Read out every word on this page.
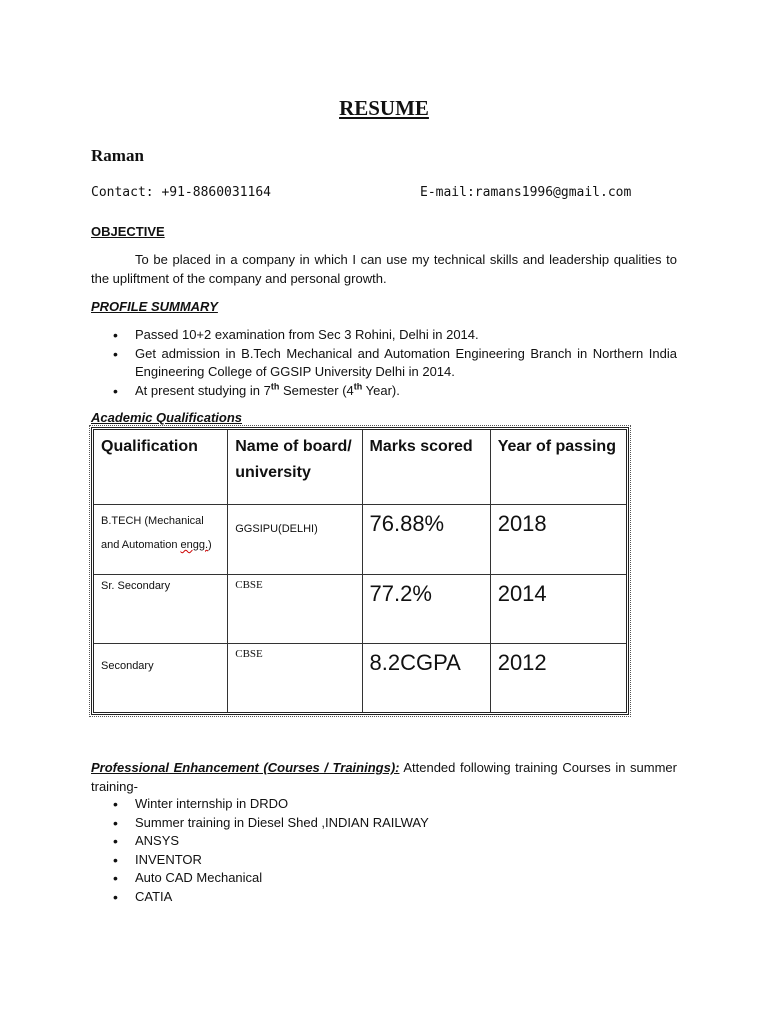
RESUME
Raman
Contact: +91-8860031164	E-mail:ramans1996@gmail.com
OBJECTIVE
To be placed in a company in which I can use my technical skills and leadership qualities to the upliftment of the company and personal growth.
PROFILE SUMMARY
• Passed 10+2 examination from Sec 3 Rohini, Delhi in 2014.
• Get admission in B.Tech Mechanical and Automation Engineering Branch in Northern India Engineering College of GGSIP University Delhi in 2014.
• At present studying in 7th Semester (4th Year).
Academic Qualifications
Qualification	Name of board/ university	Marks scored	Year of passing
B.TECH (Mechanical and Automation engg.)	GGSIPU(DELHI)	76.88%	2018
Sr. Secondary	CBSE	77.2%	2014
Secondary	CBSE	8.2CGPA	2012
Professional Enhancement (Courses / Trainings): Attended following training Courses in summer training-
• Winter internship in DRDO
• Summer training in Diesel Shed ,INDIAN RAILWAY
• ANSYS
• INVENTOR
• Auto CAD Mechanical
• CATIA
